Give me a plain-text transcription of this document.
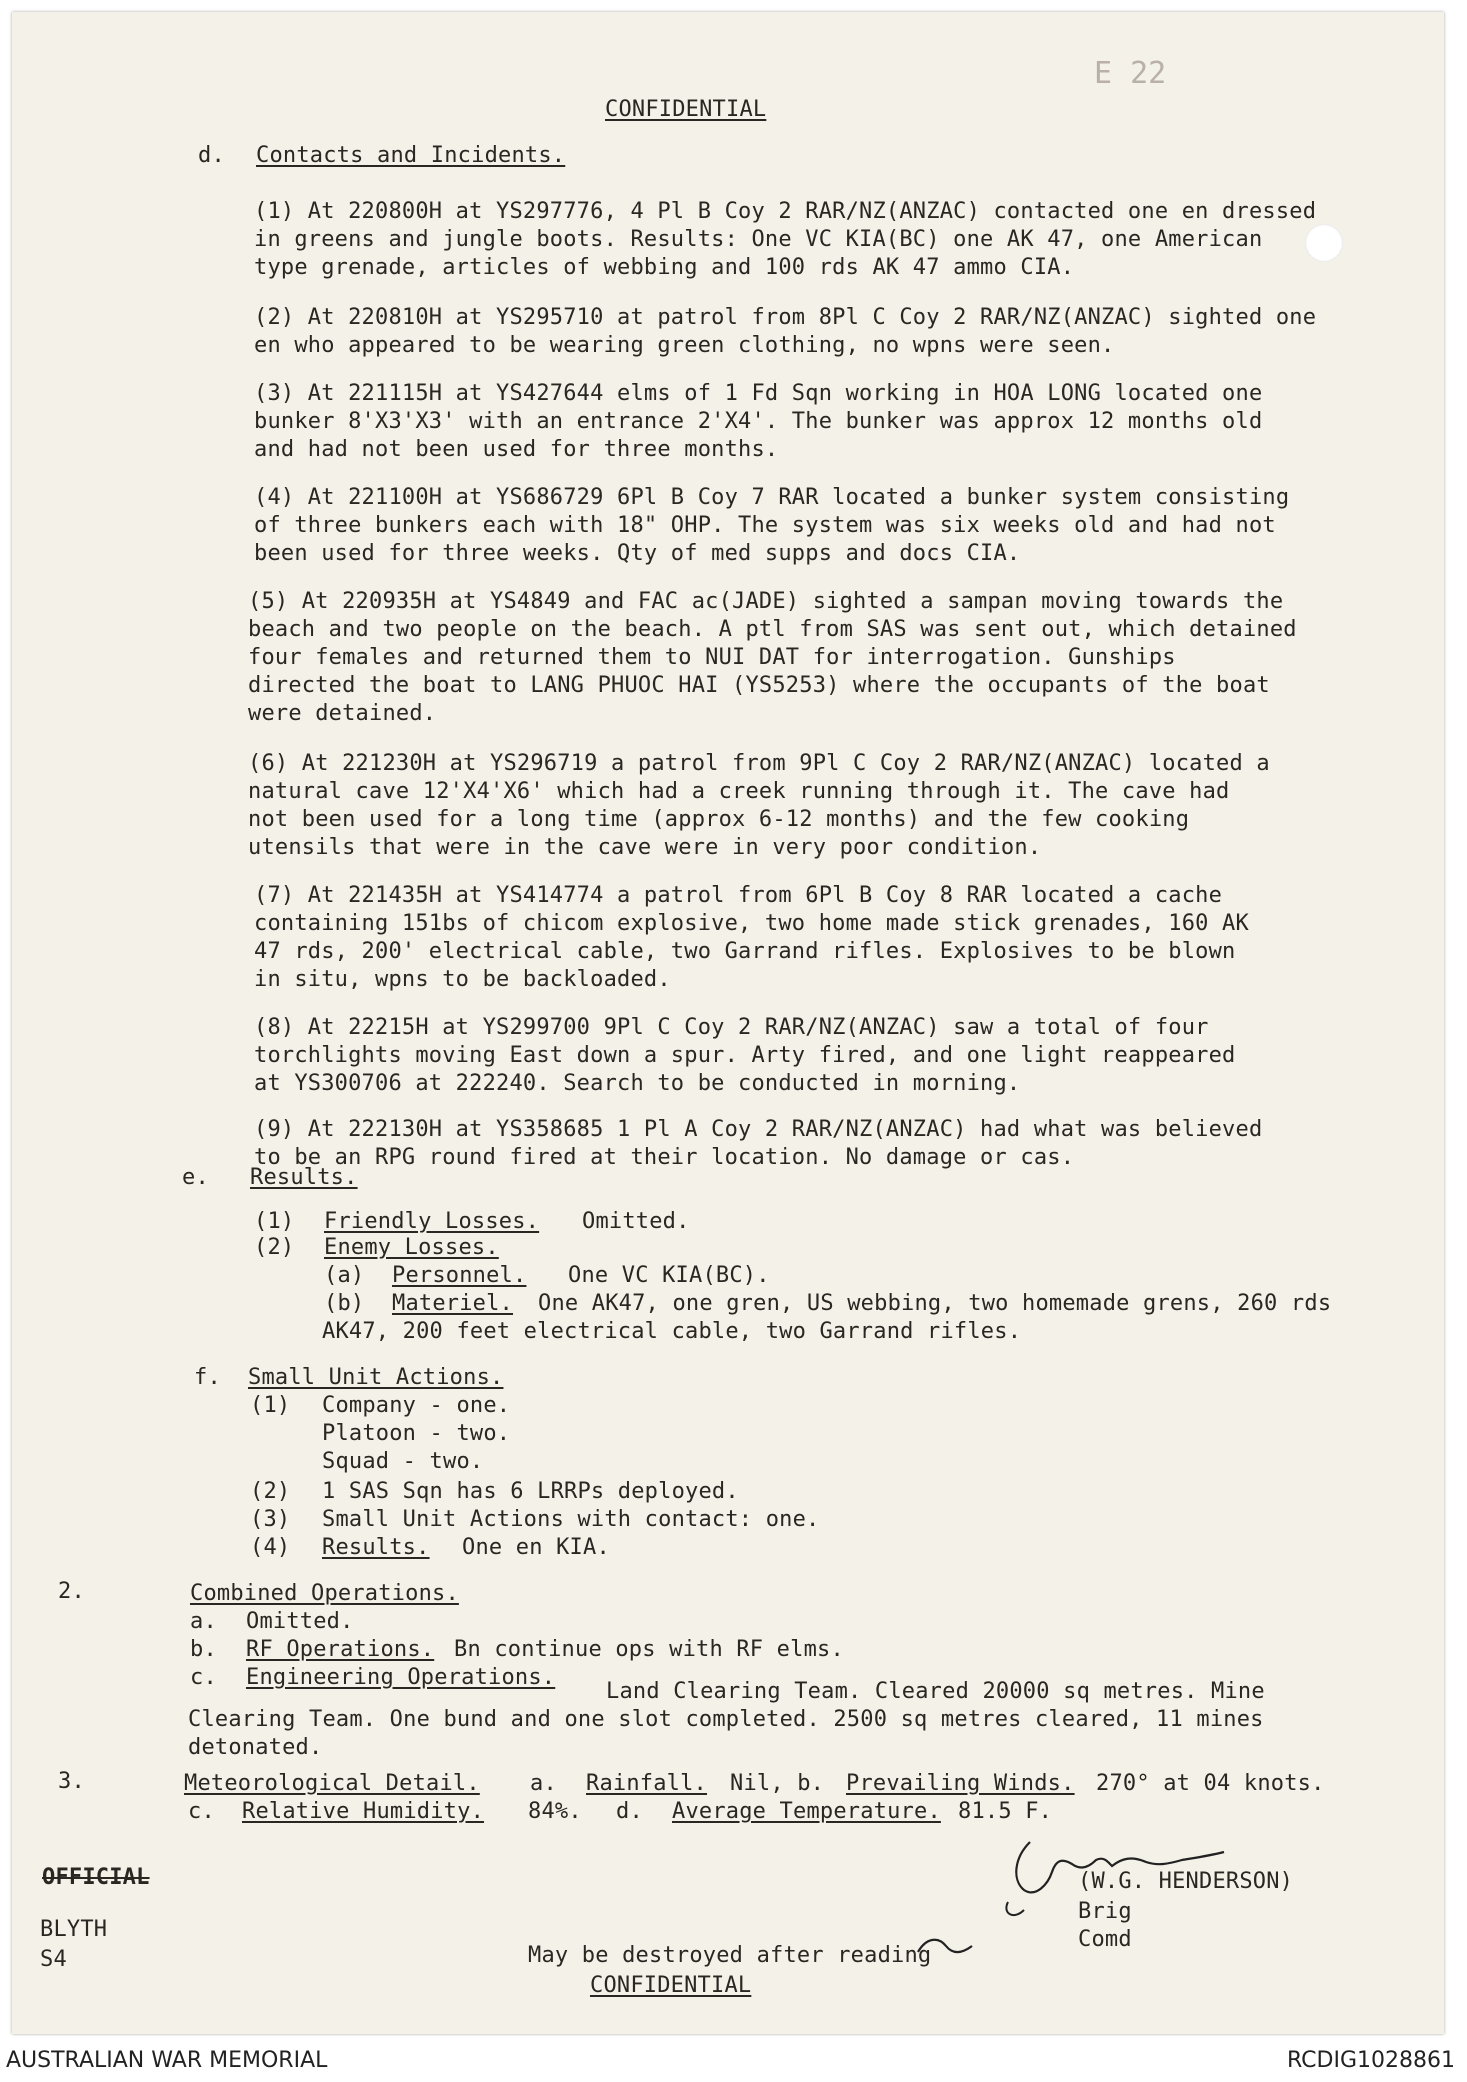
E 22
CONFIDENTIAL
d. Contacts and Incidents.
(1) At 220800H at YS297776, 4 Pl B Coy 2 RAR/NZ(ANZAC) contacted one en dressed
in greens and jungle boots. Results: One VC KIA(BC) one AK 47, one American
type grenade, articles of webbing and 100 rds AK 47 ammo CIA.
(2) At 220810H at YS295710 at patrol from 8Pl C Coy 2 RAR/NZ(ANZAC) sighted one
en who appeared to be wearing green clothing, no wpns were seen.
(3) At 221115H at YS427644 elms of 1 Fd Sqn working in HOA LONG located one
bunker 8'X3'X3' with an entrance 2'X4'. The bunker was approx 12 months old
and had not been used for three months.
(4) At 221100H at YS686729 6Pl B Coy 7 RAR located a bunker system consisting
of three bunkers each with 18" OHP. The system was six weeks old and had not
been used for three weeks. Qty of med supps and docs CIA.
(5) At 220935H at YS4849 and FAC ac(JADE) sighted a sampan moving towards the
beach and two people on the beach. A ptl from SAS was sent out, which detained
four females and returned them to NUI DAT for interrogation. Gunships
directed the boat to LANG PHUOC HAI (YS5253) where the occupants of the boat
were detained.
(6) At 221230H at YS296719 a patrol from 9Pl C Coy 2 RAR/NZ(ANZAC) located a
natural cave 12'X4'X6' which had a creek running through it. The cave had
not been used for a long time (approx 6-12 months) and the few cooking
utensils that were in the cave were in very poor condition.
(7) At 221435H at YS414774 a patrol from 6Pl B Coy 8 RAR located a cache
containing 151bs of chicom explosive, two home made stick grenades, 160 AK
47 rds, 200' electrical cable, two Garrand rifles. Explosives to be blown
in situ, wpns to be backloaded.
(8) At 22215H at YS299700 9Pl C Coy 2 RAR/NZ(ANZAC) saw a total of four
torchlights moving East down a spur. Arty fired, and one light reappeared
at YS300706 at 222240. Search to be conducted in morning.
(9) At 222130H at YS358685 1 Pl A Coy 2 RAR/NZ(ANZAC) had what was believed
to be an RPG round fired at their location. No damage or cas.
e. Results.
(1) Friendly Losses. Omitted.
(2) Enemy Losses.
(a) Personnel. One VC KIA(BC).
(b) Materiel. One AK47, one gren, US webbing, two homemade grens, 260 rds
AK47, 200 feet electrical cable, two Garrand rifles.
f. Small Unit Actions.
(1) Company - one.
Platoon - two.
Squad - two.
(2) 1 SAS Sqn has 6 LRRPs deployed.
(3) Small Unit Actions with contact: one.
(4) Results. One en KIA.
2.	Combined Operations.
a. Omitted.
b. RF Operations. Bn continue ops with RF elms.
c. Engineering Operations.
Land Clearing Team. Cleared 20000 sq metres. Mine
Clearing Team. One bund and one slot completed. 2500 sq metres cleared, 11 mines
detonated.
3.	Meteorological Detail. a. Rainfall. Nil, b. Prevailing Winds. 270° at 04 knots.
c. Relative Humidity. 84%. d. Average Temperature. 81.5 F.
(W.G. HENDERSON)
Brig
Comd
OFFICIAL
BLYTH
S4	May be destroyed after reading
CONFIDENTIAL
AUSTRALIAN WAR MEMORIAL	RCDIG1028861
